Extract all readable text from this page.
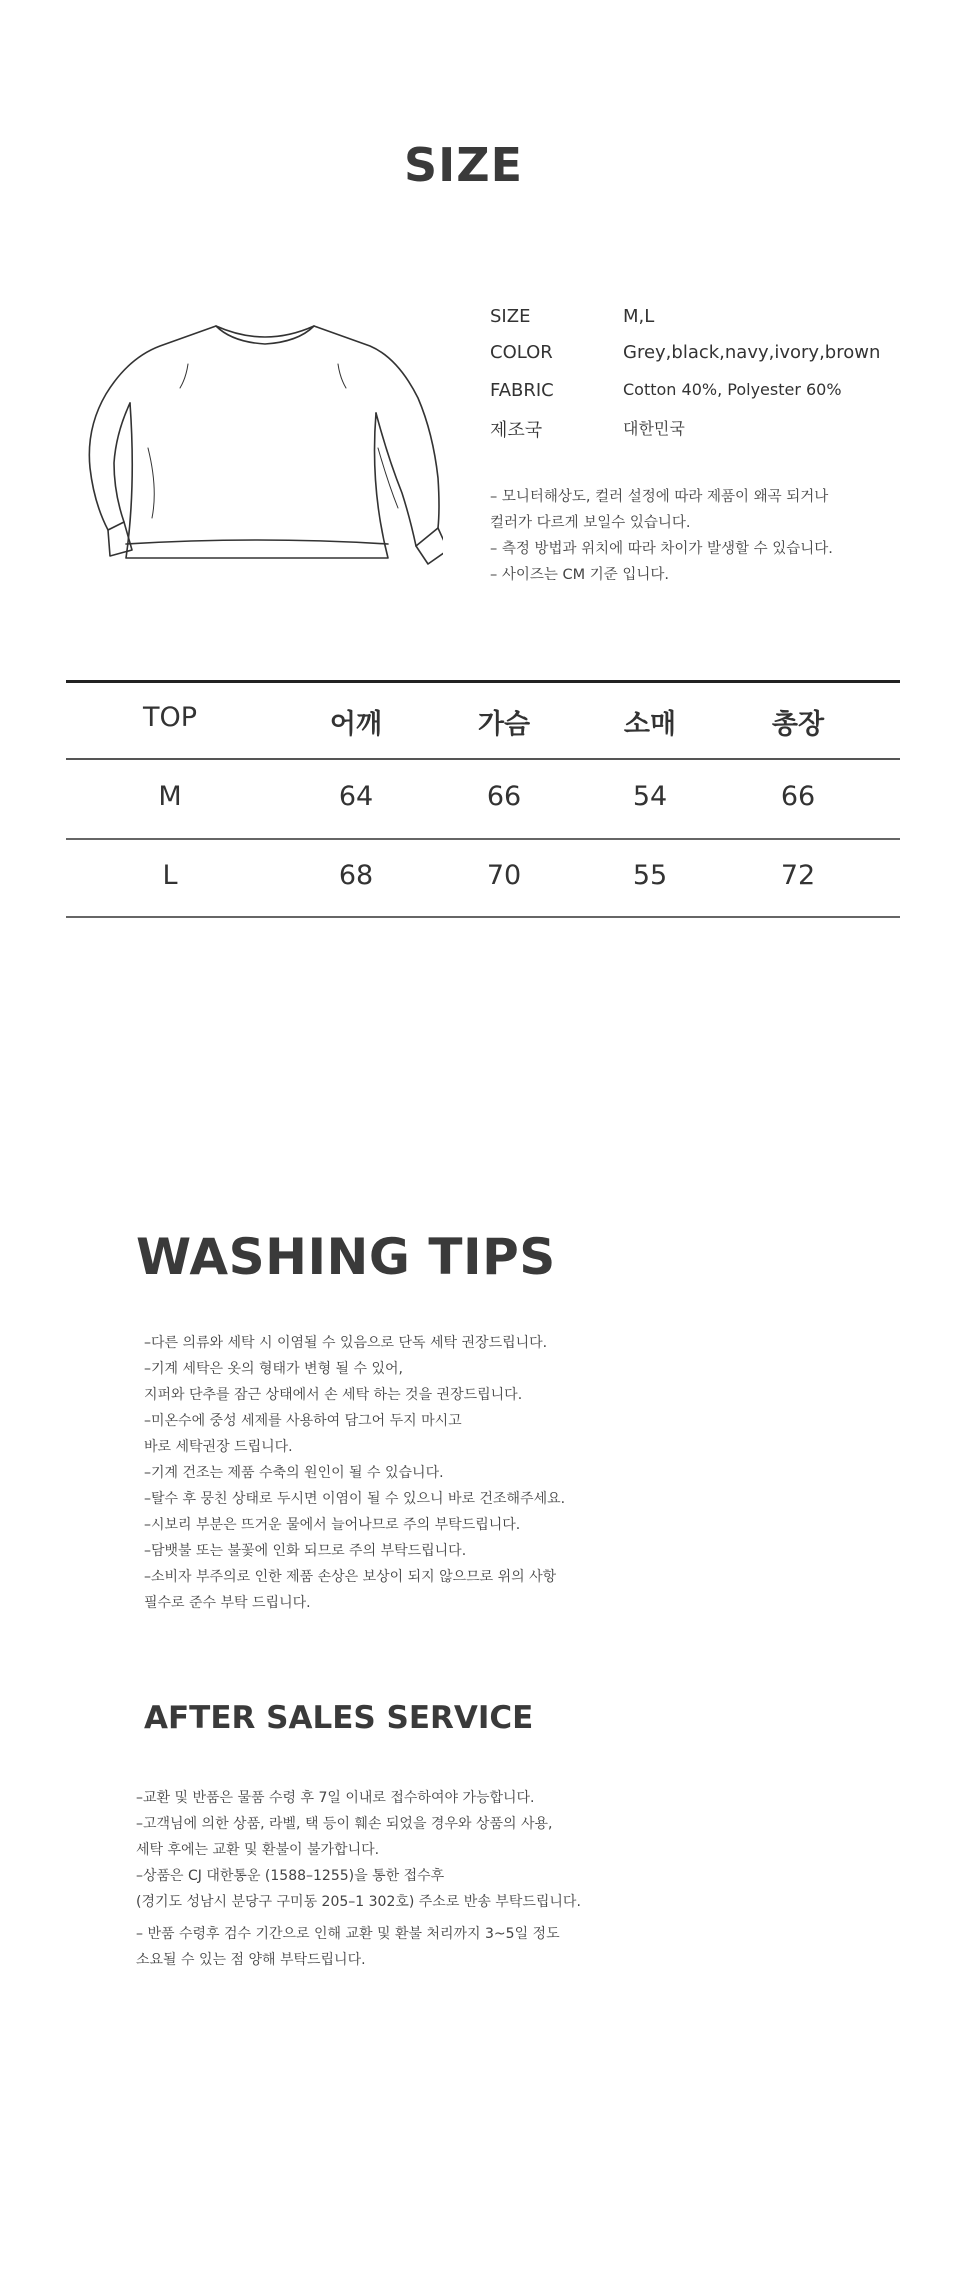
SIZE
SIZE	M,L
COLOR	Grey,black,navy,ivory,brown
FABRIC	Cotton 40%, Polyester 60%
제조국	대한민국
– 모니터해상도, 컬러 설정에 따라 제품이 왜곡 되거나
컬러가 다르게 보일수 있습니다.
– 측정 방법과 위치에 따라 차이가 발생할 수 있습니다.
– 사이즈는 CM 기준 입니다.
TOP	어깨	가슴	소매	총장
M	64	66	54	66
L	68	70	55	72
WASHING TIPS
–다른 의류와 세탁 시 이염될 수 있음으로 단독 세탁 권장드립니다.
–기계 세탁은 옷의 형태가 변형 될 수 있어,
지퍼와 단추를 잠근 상태에서 손 세탁 하는 것을 권장드립니다.
–미온수에 중성 세제를 사용하여 담그어 두지 마시고
바로 세탁권장 드립니다.
–기계 건조는 제품 수축의 원인이 될 수 있습니다.
–탈수 후 뭉친 상태로 두시면 이염이 될 수 있으니 바로 건조해주세요.
–시보리 부분은 뜨거운 물에서 늘어나므로 주의 부탁드립니다.
–담뱃불 또는 불꽃에 인화 되므로 주의 부탁드립니다.
–소비자 부주의로 인한 제품 손상은 보상이 되지 않으므로 위의 사항
필수로 준수 부탁 드립니다.
AFTER SALES SERVICE
–교환 및 반품은 물품 수령 후 7일 이내로 접수하여야 가능합니다.
–고객님에 의한 상품, 라벨, 택 등이 훼손 되었을 경우와 상품의 사용,
세탁 후에는 교환 및 환불이 불가합니다.
–상품은 CJ 대한통운 (1588–1255)을 통한 접수후
(경기도 성남시 분당구 구미동 205–1 302호) 주소로 반송 부탁드립니다.
– 반품 수령후 검수 기간으로 인해 교환 및 환불 처리까지 3~5일 정도
소요될 수 있는 점 양해 부탁드립니다.
